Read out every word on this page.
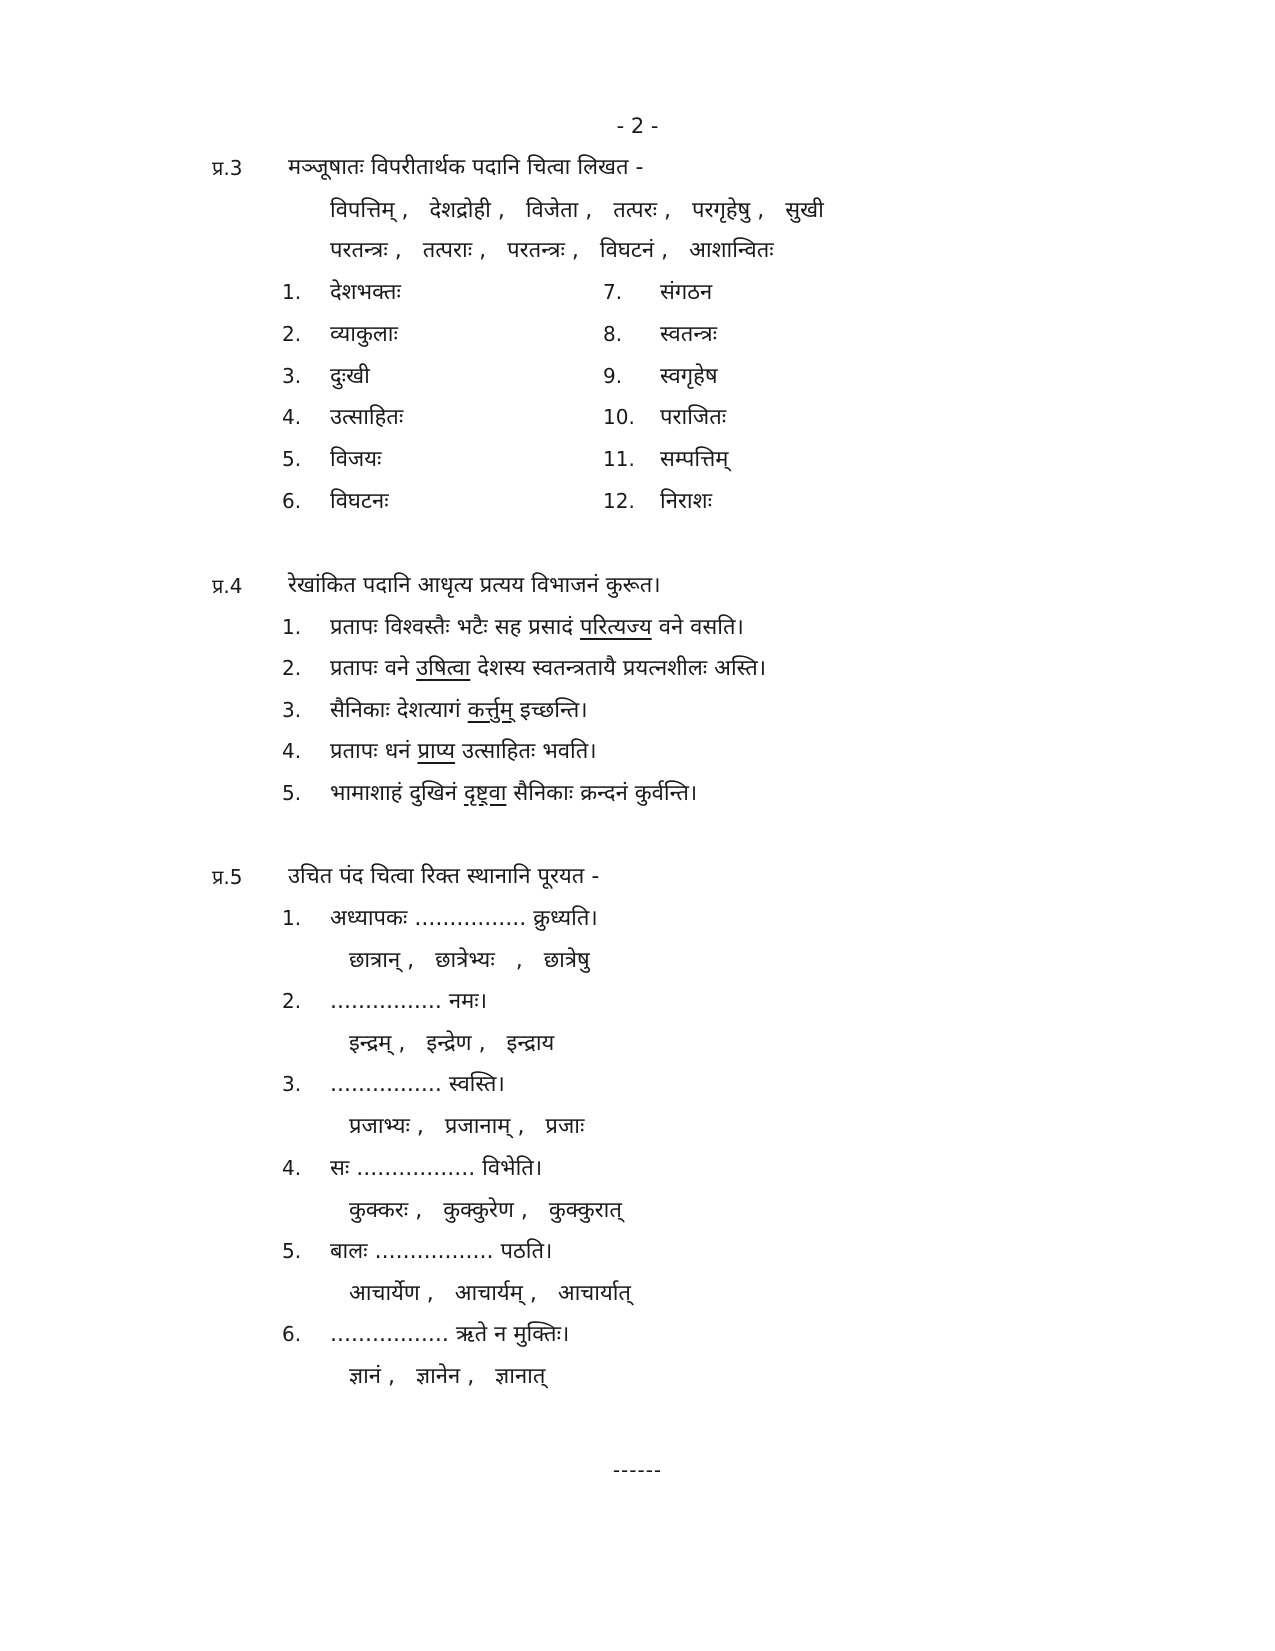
- 2 -
प्र.3 मञ्जूषातः विपरीतार्थक पदानि चित्वा लिखत -
विपत्तिम् ,   देशद्रोही ,   विजेता ,   तत्परः ,   परगृहेषु ,   सुखी
परतन्त्रः ,   तत्पराः ,   परतन्त्रः ,   विघटनं ,   आशान्वितः
1. देशभक्तः
2. व्याकुलाः
3. दुःखी
4. उत्साहितः
5. विजयः
6. विघटनः
7. संगठन
8. स्वतन्त्रः
9. स्वगृहेष
10. पराजितः
11. सम्पत्तिम्
12. निराशः
प्र.4 रेखांकित पदानि आधृत्य प्रत्यय विभाजनं कुरूत।
1. प्रतापः विश्वस्तैः भटैः सह प्रसादं परित्यज्य वने वसति।
2. प्रतापः वने उषित्वा देशस्य स्वतन्त्रतायै प्रयत्नशीलः अस्ति।
3. सैनिकाः देशत्यागं कर्त्तुम् इच्छन्ति।
4. प्रतापः धनं प्राप्य उत्साहितः भवति।
5. भामाशाहं दुखिनं दृष्ट्वा सैनिकाः क्रन्दनं कुर्वन्ति।
प्र.5 उचित पंद चित्वा रिक्त स्थानानि पूरयत -
1. अध्यापकः ................ क्रुध्यति।
छात्रान् ,   छात्रेभ्यः   ,   छात्रेषु
2. ................ नमः।
इन्द्रम् ,   इन्द्रेण ,   इन्द्राय
3. ................ स्वस्ति।
प्रजाभ्यः ,   प्रजानाम् ,   प्रजाः
4. सः ................. विभेति।
कुक्करः ,   कुक्कुरेण ,   कुक्कुरात्
5. बालः ................. पठति।
आचार्येण ,   आचार्यम् ,   आचार्यात्
6. ................. ऋते न मुक्तिः।
ज्ञानं ,   ज्ञानेन ,   ज्ञानात्
------
